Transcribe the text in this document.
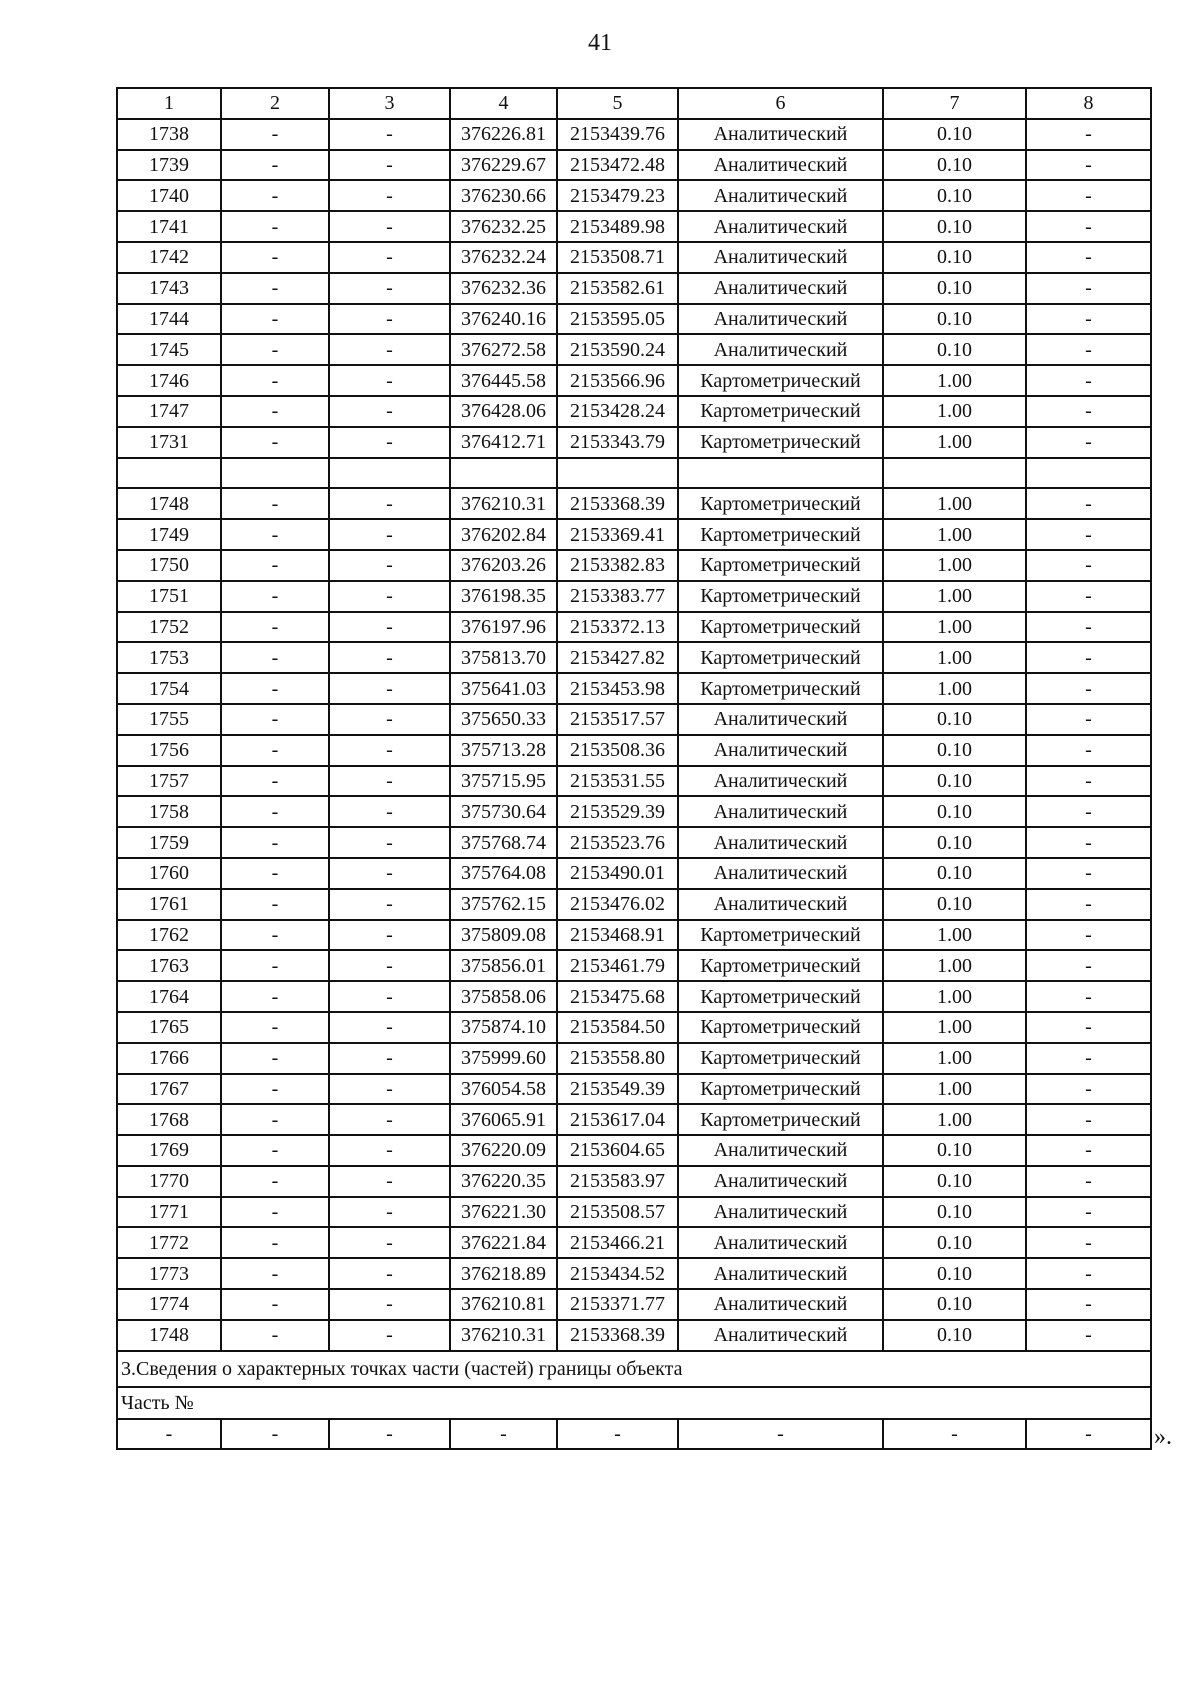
41
1	2	3	4	5	6	7	8
1738	-	-	376226.81	2153439.76	Аналитический	0.10	-
1739	-	-	376229.67	2153472.48	Аналитический	0.10	-
1740	-	-	376230.66	2153479.23	Аналитический	0.10	-
1741	-	-	376232.25	2153489.98	Аналитический	0.10	-
1742	-	-	376232.24	2153508.71	Аналитический	0.10	-
1743	-	-	376232.36	2153582.61	Аналитический	0.10	-
1744	-	-	376240.16	2153595.05	Аналитический	0.10	-
1745	-	-	376272.58	2153590.24	Аналитический	0.10	-
1746	-	-	376445.58	2153566.96	Картометрический	1.00	-
1747	-	-	376428.06	2153428.24	Картометрический	1.00	-
1731	-	-	376412.71	2153343.79	Картометрический	1.00	-

1748	-	-	376210.31	2153368.39	Картометрический	1.00	-
1749	-	-	376202.84	2153369.41	Картометрический	1.00	-
1750	-	-	376203.26	2153382.83	Картометрический	1.00	-
1751	-	-	376198.35	2153383.77	Картометрический	1.00	-
1752	-	-	376197.96	2153372.13	Картометрический	1.00	-
1753	-	-	375813.70	2153427.82	Картометрический	1.00	-
1754	-	-	375641.03	2153453.98	Картометрический	1.00	-
1755	-	-	375650.33	2153517.57	Аналитический	0.10	-
1756	-	-	375713.28	2153508.36	Аналитический	0.10	-
1757	-	-	375715.95	2153531.55	Аналитический	0.10	-
1758	-	-	375730.64	2153529.39	Аналитический	0.10	-
1759	-	-	375768.74	2153523.76	Аналитический	0.10	-
1760	-	-	375764.08	2153490.01	Аналитический	0.10	-
1761	-	-	375762.15	2153476.02	Аналитический	0.10	-
1762	-	-	375809.08	2153468.91	Картометрический	1.00	-
1763	-	-	375856.01	2153461.79	Картометрический	1.00	-
1764	-	-	375858.06	2153475.68	Картометрический	1.00	-
1765	-	-	375874.10	2153584.50	Картометрический	1.00	-
1766	-	-	375999.60	2153558.80	Картометрический	1.00	-
1767	-	-	376054.58	2153549.39	Картометрический	1.00	-
1768	-	-	376065.91	2153617.04	Картометрический	1.00	-
1769	-	-	376220.09	2153604.65	Аналитический	0.10	-
1770	-	-	376220.35	2153583.97	Аналитический	0.10	-
1771	-	-	376221.30	2153508.57	Аналитический	0.10	-
1772	-	-	376221.84	2153466.21	Аналитический	0.10	-
1773	-	-	376218.89	2153434.52	Аналитический	0.10	-
1774	-	-	376210.81	2153371.77	Аналитический	0.10	-
1748	-	-	376210.31	2153368.39	Аналитический	0.10	-
3.Сведения о характерных точках части (частей) границы объекта							
Часть №							
-	-	-	-	-	-	-	-	».
